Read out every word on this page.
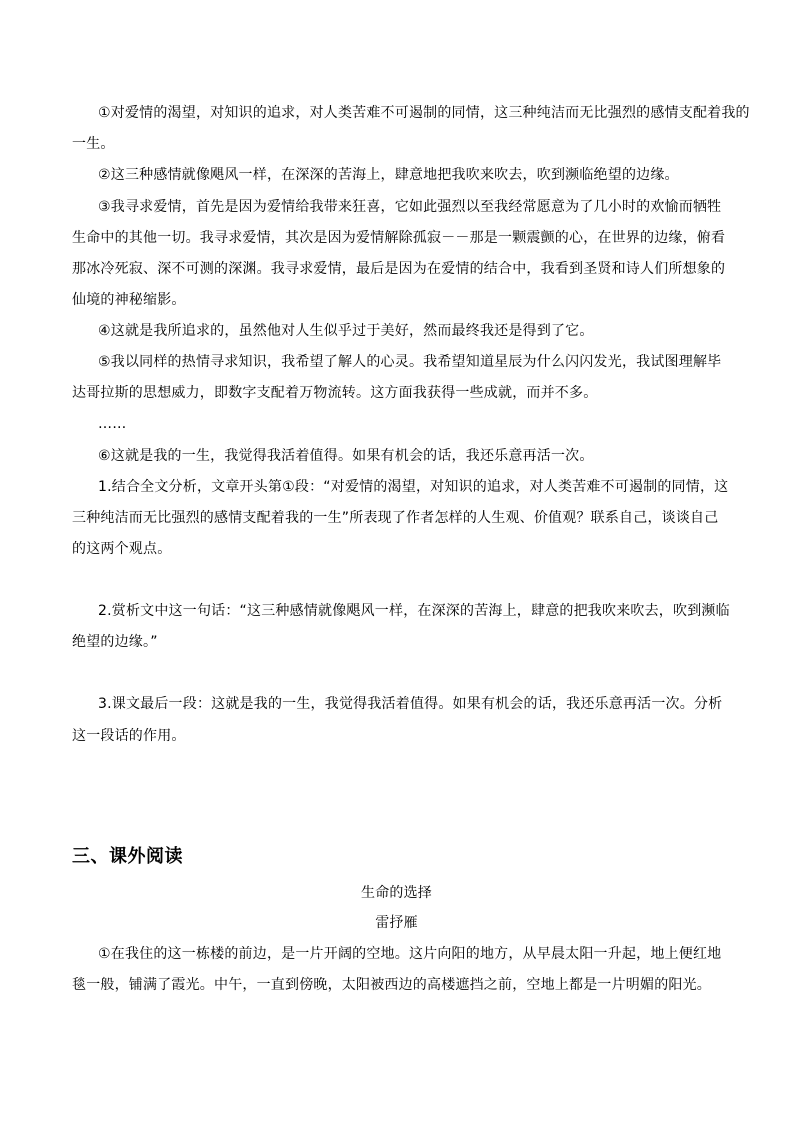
①对爱情的渴望，对知识的追求，对人类苦难不可遏制的同情，这三种纯洁而无比强烈的感情支配着我的
一生。
②这三种感情就像飓风一样，在深深的苦海上，肆意地把我吹来吹去，吹到濒临绝望的边缘。
③我寻求爱情，首先是因为爱情给我带来狂喜，它如此强烈以至我经常愿意为了几小时的欢愉而牺牲
生命中的其他一切。我寻求爱情，其次是因为爱情解除孤寂－－那是一颗震颤的心，在世界的边缘，俯看
那冰冷死寂、深不可测的深渊。我寻求爱情，最后是因为在爱情的结合中，我看到圣贤和诗人们所想象的
仙境的神秘缩影。
④这就是我所追求的，虽然他对人生似乎过于美好，然而最终我还是得到了它。
⑤我以同样的热情寻求知识，我希望了解人的心灵。我希望知道星辰为什么闪闪发光，我试图理解毕
达哥拉斯的思想威力，即数字支配着万物流转。这方面我获得一些成就，而并不多。
……
⑥这就是我的一生，我觉得我活着值得。如果有机会的话，我还乐意再活一次。
1.结合全文分析，文章开头第①段：“对爱情的渴望，对知识的追求，对人类苦难不可遏制的同情，这
三种纯洁而无比强烈的感情支配着我的一生”所表现了作者怎样的人生观、价值观？联系自己，谈谈自己
的这两个观点。
2.赏析文中这一句话：“这三种感情就像飓风一样，在深深的苦海上，肆意的把我吹来吹去，吹到濒临
绝望的边缘。”
3.课文最后一段：这就是我的一生，我觉得我活着值得。如果有机会的话，我还乐意再活一次。分析
这一段话的作用。
三、课外阅读
生命的选择
雷抒雁
①在我住的这一栋楼的前边，是一片开阔的空地。这片向阳的地方，从早晨太阳一升起，地上便红地
毯一般，铺满了霞光。中午，一直到傍晚，太阳被西边的高楼遮挡之前，空地上都是一片明媚的阳光。
